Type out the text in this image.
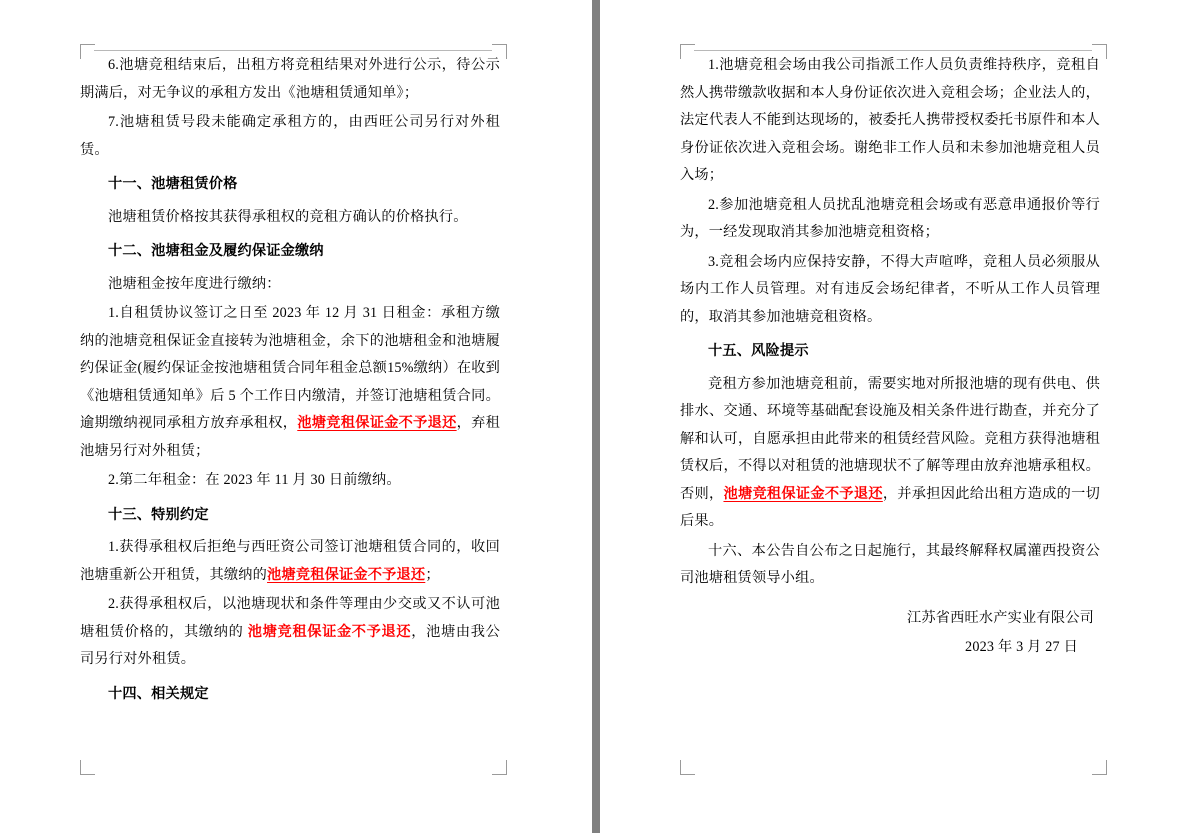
6.池塘竞租结束后，出租方将竞租结果对外进行公示，待公示期满后，对无争议的承租方发出《池塘租赁通知单》；

7.池塘租赁号段未能确定承租方的，由西旺公司另行对外租赁。

十一、池塘租赁价格

池塘租赁价格按其获得承租权的竞租方确认的价格执行。

十二、池塘租金及履约保证金缴纳

池塘租金按年度进行缴纳：

1.自租赁协议签订之日至 2023 年 12 月 31 日租金：承租方缴纳的池塘竞租保证金直接转为池塘租金，余下的池塘租金和池塘履约保证金(履约保证金按池塘租赁合同年租金总额15%缴纳）在收到《池塘租赁通知单》后 5 个工作日内缴清，并签订池塘租赁合同。逾期缴纳视同承租方放弃承租权，池塘竞租保证金不予退还，弃租池塘另行对外租赁；

2.第二年租金：在 2023 年 11 月 30 日前缴纳。

十三、特别约定

1.获得承租权后拒绝与西旺资公司签订池塘租赁合同的，收回池塘重新公开租赁，其缴纳的池塘竞租保证金不予退还；

2.获得承租权后，以池塘现状和条件等理由少交或又不认可池塘租赁价格的，其缴纳的 池塘竞租保证金不予退还，池塘由我公司另行对外租赁。

十四、相关规定

1.池塘竞租会场由我公司指派工作人员负责维持秩序，竞租自然人携带缴款收据和本人身份证依次进入竞租会场；企业法人的，法定代表人不能到达现场的，被委托人携带授权委托书原件和本人身份证依次进入竞租会场。谢绝非工作人员和未参加池塘竞租人员入场；

2.参加池塘竞租人员扰乱池塘竞租会场或有恶意串通报价等行为，一经发现取消其参加池塘竞租资格；

3.竞租会场内应保持安静，不得大声喧哗，竞租人员必须服从场内工作人员管理。对有违反会场纪律者，不听从工作人员管理的，取消其参加池塘竞租资格。

十五、风险提示

竞租方参加池塘竞租前，需要实地对所报池塘的现有供电、供排水、交通、环境等基础配套设施及相关条件进行勘查，并充分了解和认可，自愿承担由此带来的租赁经营风险。竞租方获得池塘租赁权后，不得以对租赁的池塘现状不了解等理由放弃池塘承租权。否则，池塘竞租保证金不予退还，并承担因此给出租方造成的一切后果。

十六、本公告自公布之日起施行，其最终解释权属灌西投资公司池塘租赁领导小组。

江苏省西旺水产实业有限公司

2023 年 3 月 27 日
